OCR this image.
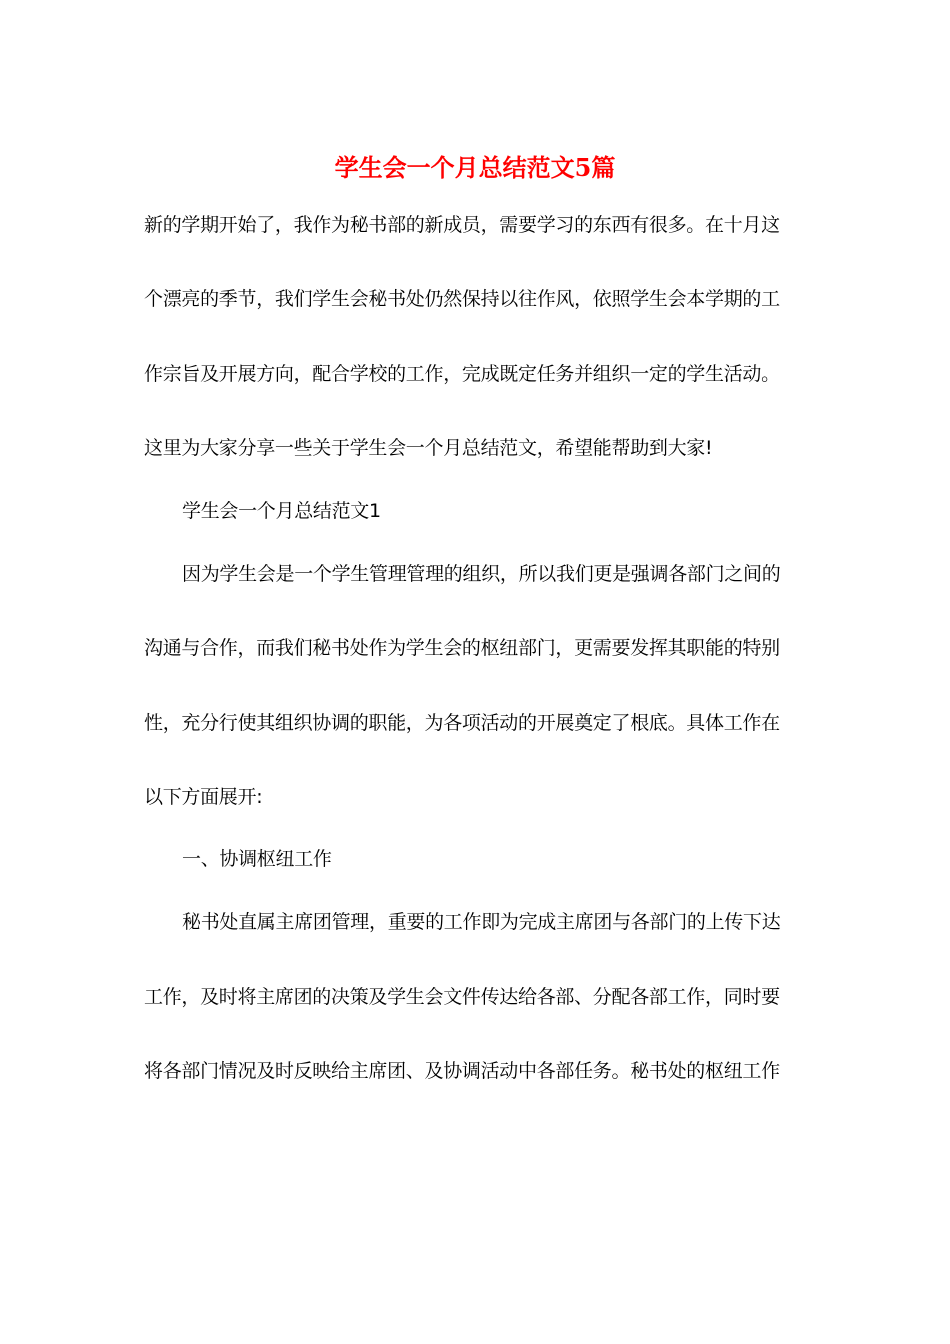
学生会一个月总结范文5篇
新的学期开始了，我作为秘书部的新成员，需要学习的东西有很多。在十月这
个漂亮的季节，我们学生会秘书处仍然保持以往作风，依照学生会本学期的工
作宗旨及开展方向，配合学校的工作，完成既定任务并组织一定的学生活动。
这里为大家分享一些关于学生会一个月总结范文，希望能帮助到大家!
学生会一个月总结范文1
因为学生会是一个学生管理管理的组织，所以我们更是强调各部门之间的
沟通与合作，而我们秘书处作为学生会的枢纽部门，更需要发挥其职能的特别
性，充分行使其组织协调的职能，为各项活动的开展奠定了根底。具体工作在
以下方面展开:
一、协调枢纽工作
秘书处直属主席团管理，重要的工作即为完成主席团与各部门的上传下达
工作，及时将主席团的决策及学生会文件传达给各部、分配各部工作，同时要
将各部门情况及时反映给主席团、及协调活动中各部任务。秘书处的枢纽工作
